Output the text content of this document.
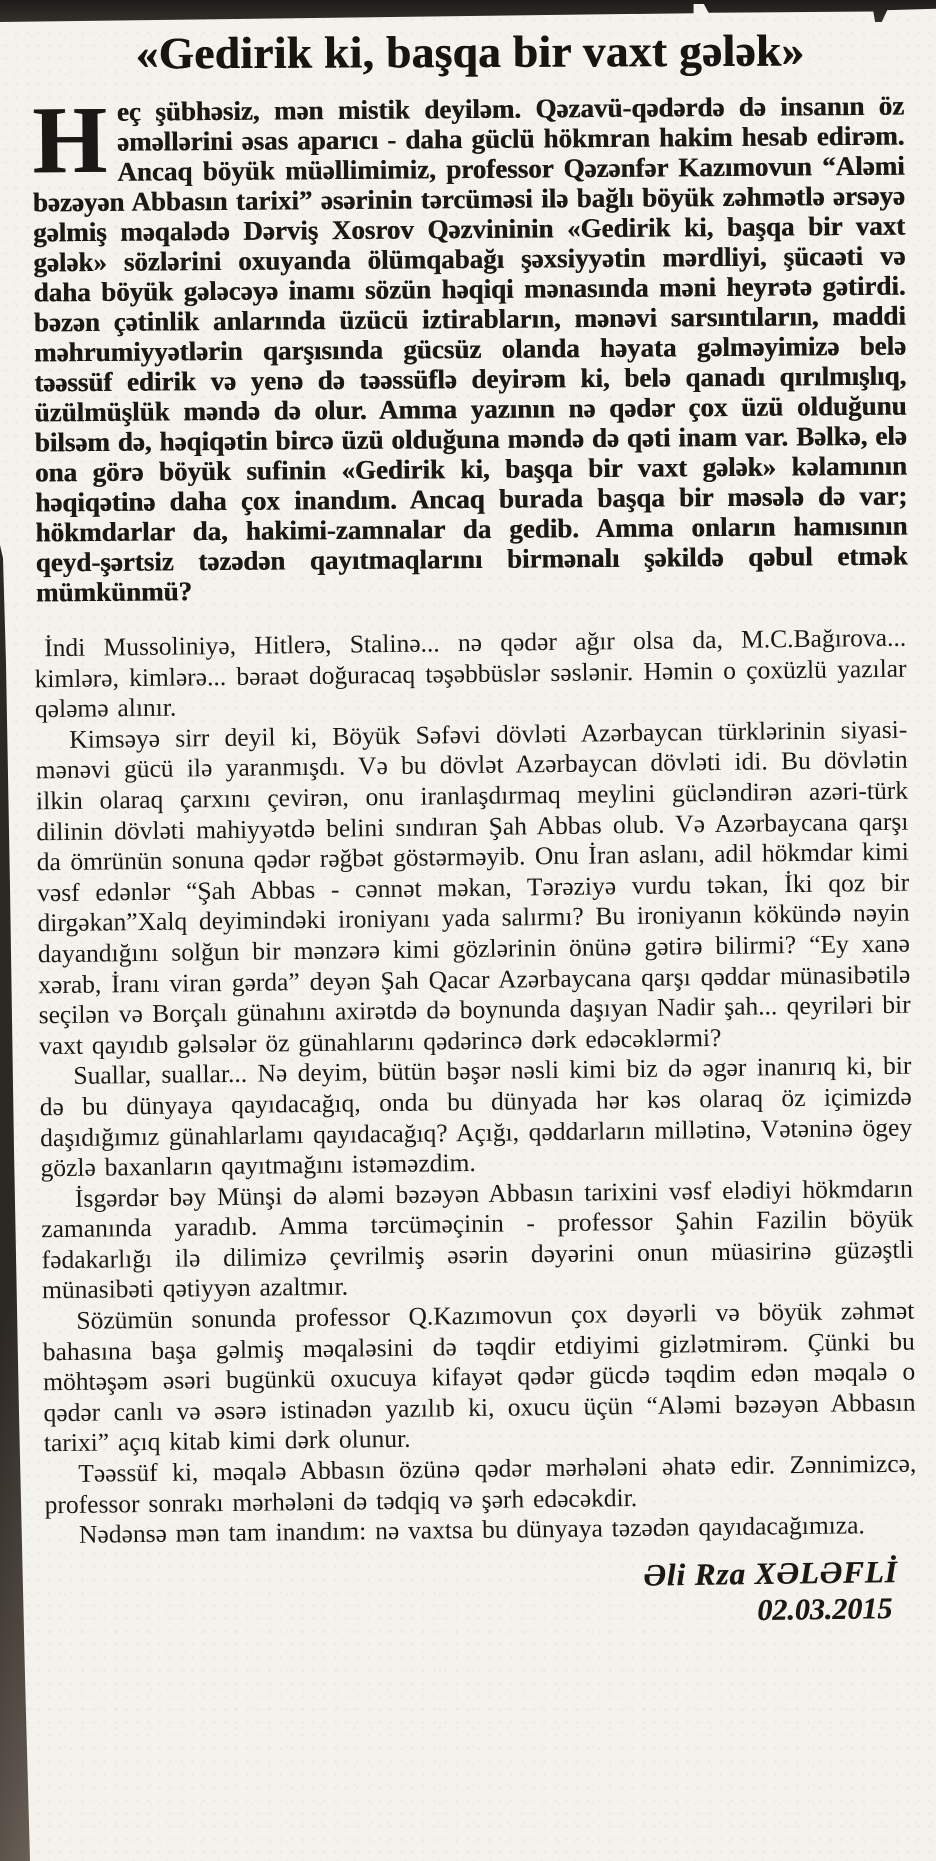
«Gedirik ki, başqa bir vaxt gələk»

Heç şübhəsiz, mən mistik deyiləm. Qəzavü-qədərdə də insanın öz əməllərini əsas aparıcı - daha güclü hökmran hakim hesab edirəm. Ancaq böyük müəllimimiz, professor Qəzənfər Kazımovun “Aləmi bəzəyən Abbasın tarixi” əsərinin tərcüməsi ilə bağlı böyük zəhmətlə ərsəyə gəlmiş məqalədə Dərviş Xosrov Qəzvininin «Gedirik ki, başqa bir vaxt gələk» sözlərini oxuyanda ölümqabağı şəxsiyyətin mərdliyi, şücaəti və daha böyük gələcəyə inamı sözün həqiqi mənasında məni heyrətə gətirdi. bəzən çətinlik anlarında üzücü iztirabların, mənəvi sarsıntıların, maddi məhrumiyyətlərin qarşısında gücsüz olanda həyata gəlməyimizə belə təəssüf edirik və yenə də təəssüflə deyirəm ki, belə qanadı qırılmışlıq, üzülmüşlük məndə də olur. Amma yazının nə qədər çox üzü olduğunu bilsəm də, həqiqətin bircə üzü olduğuna məndə də qəti inam var. Bəlkə, elə ona görə böyük sufinin «Gedirik ki, başqa bir vaxt gələk» kəlamının həqiqətinə daha çox inandım. Ancaq burada başqa bir məsələ də var; hökmdarlar da, hakimi-zamnalar da gedib. Amma onların hamısının qeyd-şərtsiz təzədən qayıtmaqlarını birmənalı şəkildə qəbul etmək mümkünmü?

İndi Mussoliniyə, Hitlerə, Stalinə... nə qədər ağır olsa da, M.C.Bağırova... kimlərə, kimlərə... bəraət doğuracaq təşəbbüslər səslənir. Həmin o çoxüzlü yazılar qələmə alınır.

Kimsəyə sirr deyil ki, Böyük Səfəvi dövləti Azərbaycan türklərinin siyasi-mənəvi gücü ilə yaranmışdı. Və bu dövlət Azərbaycan dövləti idi. Bu dövlətin ilkin olaraq çarxını çevirən, onu iranlaşdırmaq meylini gücləndirən azəri-türk dilinin dövləti mahiyyətdə belini sındıran Şah Abbas olub. Və Azərbaycana qarşı da ömrünün sonuna qədər rəğbət göstərməyib. Onu İran aslanı, adil hökmdar kimi vəsf edənlər “Şah Abbas - cənnət məkan, Tərəziyə vurdu təkan, İki qoz bir dirgəkan”Xalq deyimindəki ironiyanı yada salırmı? Bu ironiyanın kökündə nəyin dayandığını solğun bir mənzərə kimi gözlərinin önünə gətirə bilirmi? “Ey xanə xərab, İranı viran gərda” deyən Şah Qacar Azərbaycana qarşı qəddar münasibətilə seçilən və Borçalı günahını axirətdə də boynunda daşıyan Nadir şah... qeyriləri bir vaxt qayıdıb gəlsələr öz günahlarını qədərincə dərk edəcəklərmi?

Suallar, suallar... Nə deyim, bütün bəşər nəsli kimi biz də əgər inanırıq ki, bir də bu dünyaya qayıdacağıq, onda bu dünyada hər kəs olaraq öz içimizdə daşıdığımız günahlarlamı qayıdacağıq? Açığı, qəddarların millətinə, Vətəninə ögey gözlə baxanların qayıtmağını istəməzdim.

İsgərdər bəy Münşi də aləmi bəzəyən Abbasın tarixini vəsf elədiyi hökmdarın zamanında yaradıb. Amma tərcüməçinin - professor Şahin Fazilin böyük fədakarlığı ilə dilimizə çevrilmiş əsərin dəyərini onun müasirinə güzəştli münasibəti qətiyyən azaltmır.

Sözümün sonunda professor Q.Kazımovun çox dəyərli və böyük zəhmət bahasına başa gəlmiş məqaləsini də təqdir etdiyimi gizlətmirəm. Çünki bu möhtəşəm əsəri bugünkü oxucuya kifayət qədər gücdə təqdim edən məqalə o qədər canlı və əsərə istinadən yazılıb ki, oxucu üçün “Aləmi bəzəyən Abbasın tarixi” açıq kitab kimi dərk olunur.

Təəssüf ki, məqalə Abbasın özünə qədər mərhələni əhatə edir. Zənnimizcə, professor sonrakı mərhələni də tədqiq və şərh edəcəkdir.

Nədənsə mən tam inandım: nə vaxtsa bu dünyaya təzədən qayıdacağımıza.

Əli Rza XƏLƏFLİ
02.03.2015
